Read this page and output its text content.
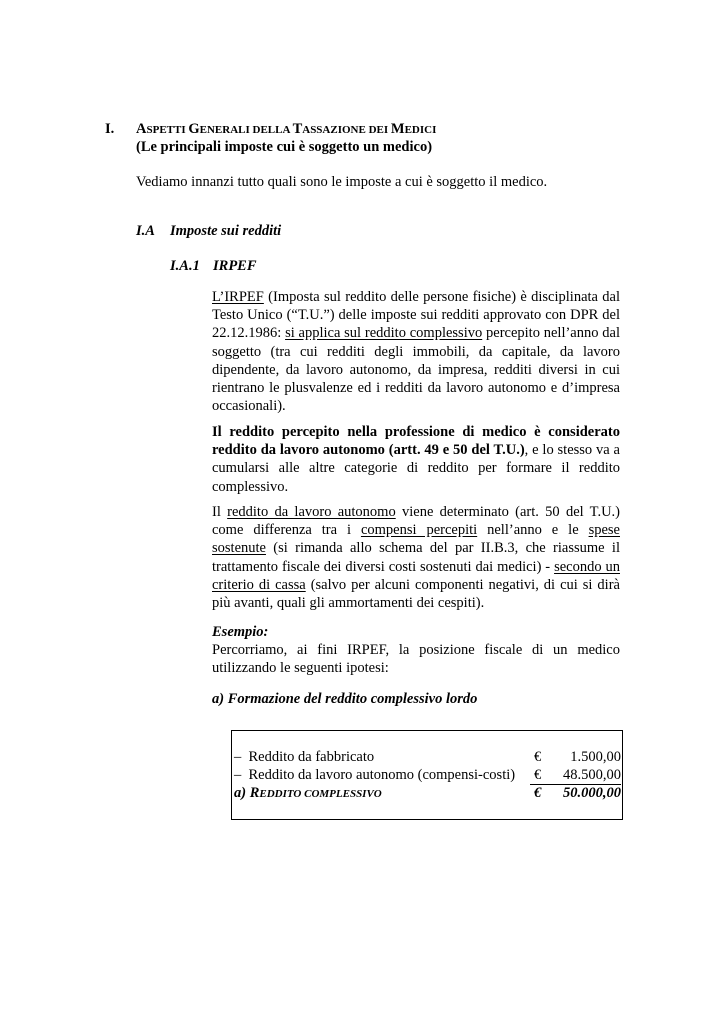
I. ASPETTI GENERALI DELLA TASSAZIONE DEI MEDICI
(Le principali imposte cui è soggetto un medico)
Vediamo innanzi tutto quali sono le imposte a cui è soggetto il medico.
I.A Imposte sui redditi
I.A.1 IRPEF
L’IRPEF (Imposta sul reddito delle persone fisiche) è disciplinata dal Testo Unico (“T.U.”) delle imposte sui redditi approvato con DPR del 22.12.1986: si applica sul reddito complessivo percepito nell’anno dal soggetto (tra cui redditi degli immobili, da capitale, da lavoro dipendente, da lavoro autonomo, da impresa, redditi diversi in cui rientrano le plusvalenze ed i redditi da lavoro autonomo e d’impresa occasionali).
Il reddito percepito nella professione di medico è considerato reddito da lavoro autonomo (artt. 49 e 50 del T.U.), e lo stesso va a cumularsi alle altre categorie di reddito per formare il reddito complessivo.
Il reddito da lavoro autonomo viene determinato (art. 50 del T.U.) come differenza tra i compensi percepiti nell’anno e le spese sostenute (si rimanda allo schema del par II.B.3, che riassume il trattamento fiscale dei diversi costi sostenuti dai medici) - secondo un criterio di cassa (salvo per alcuni componenti negativi, di cui si dirà più avanti, quali gli ammortamenti dei cespiti).
Esempio:
Percorriamo, ai fini IRPEF, la posizione fiscale di un medico utilizzando le seguenti ipotesi:
a) Formazione del reddito complessivo lordo
– Reddito da fabbricato	€ 1.500,00
– Reddito da lavoro autonomo (compensi-costi) € 48.500,00
a) REDDITO COMPLESSIVO	€ 50.000,00
